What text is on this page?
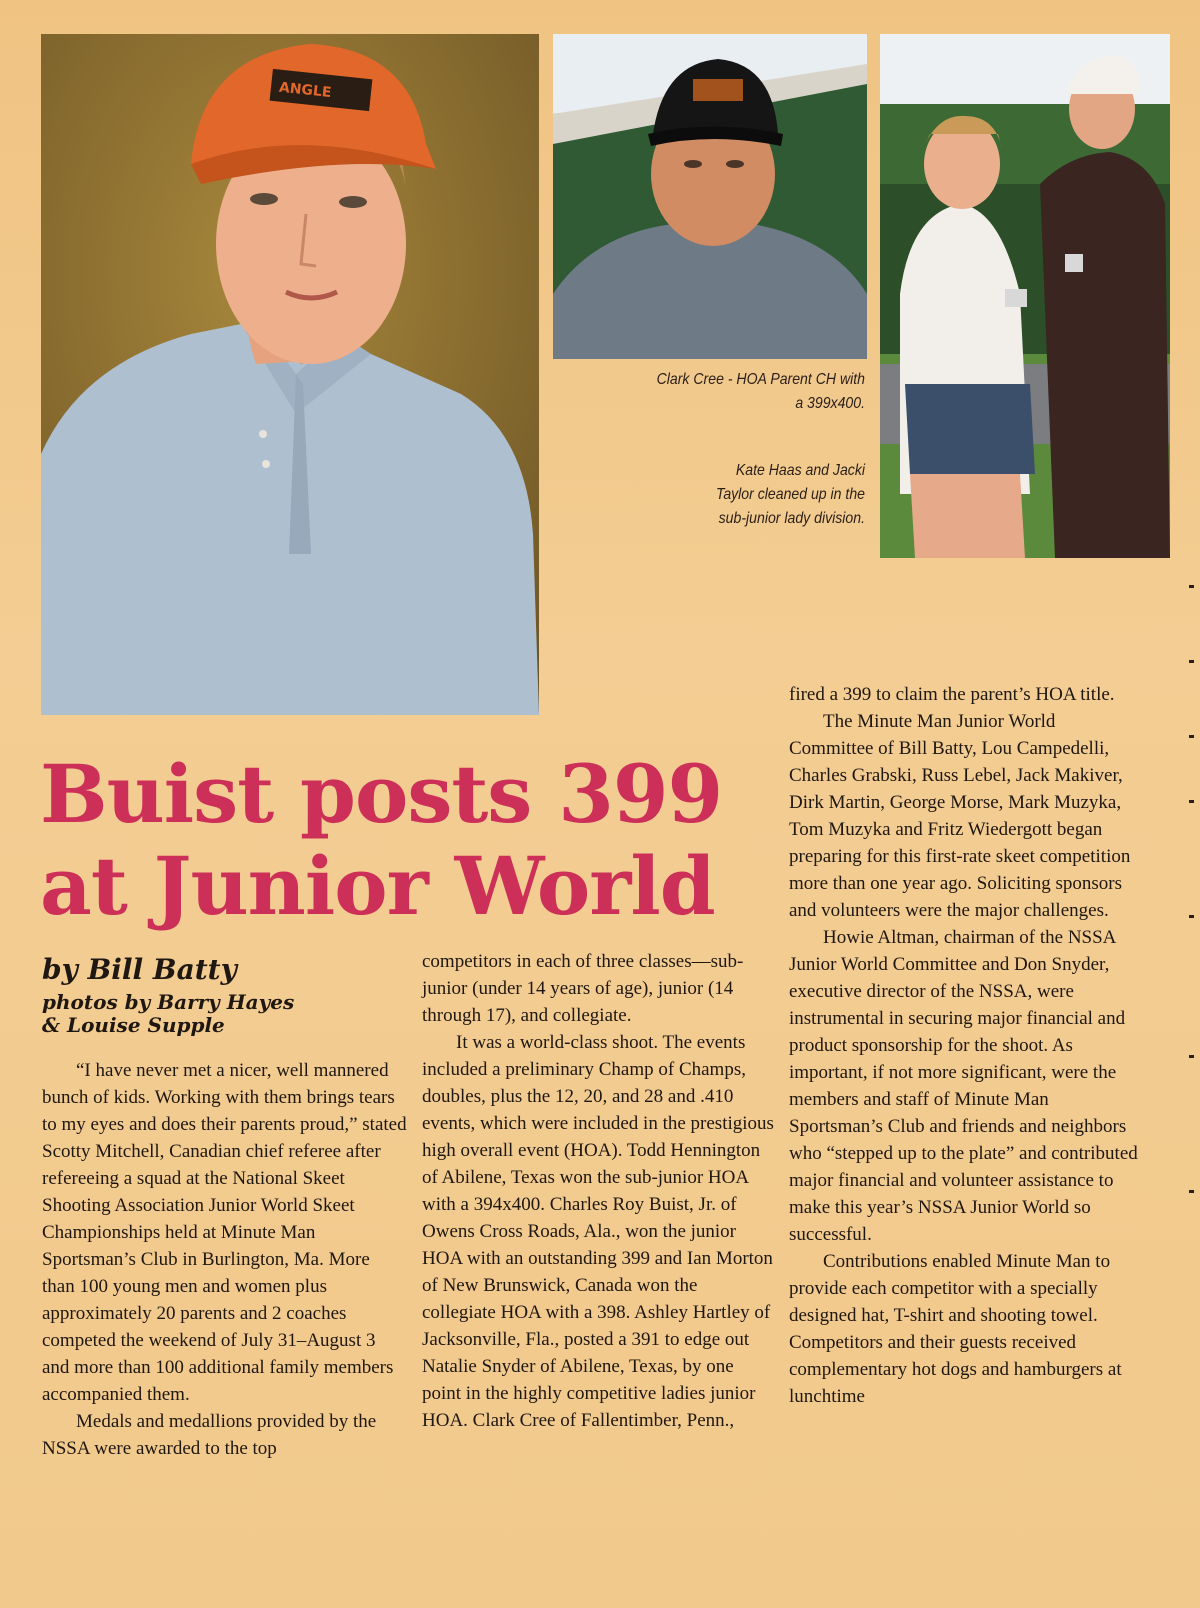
ANGLE
Clark Cree - HOA Parent CH with
a 399x400.
Kate Haas and Jacki
Taylor cleaned up in the
sub-junior lady division.
Buist posts 399
at Junior World
by Bill Batty
photos by Barry Hayes
& Louise Supple

“I have never met a nicer, well mannered bunch of kids. Working with them brings tears to my eyes and does their parents proud,” stated Scotty Mitchell, Canadian chief referee after refereeing a squad at the National Skeet Shooting Association Junior World Skeet Championships held at Minute Man Sportsman’s Club in Burlington, Ma. More than 100 young men and women plus approximately 20 parents and 2 coaches competed the weekend of July 31–August 3 and more than 100 additional family members accompanied them.

Medals and medallions provided by the NSSA were awarded to the top

competitors in each of three classes—sub-junior (under 14 years of age), junior (14 through 17), and collegiate.

It was a world-class shoot. The events included a preliminary Champ of Champs, doubles, plus the 12, 20, and 28 and .410 events, which were included in the prestigious high overall event (HOA). Todd Hennington of Abilene, Texas won the sub-junior HOA with a 394x400. Charles Roy Buist, Jr. of Owens Cross Roads, Ala., won the junior HOA with an outstanding 399 and Ian Morton of New Brunswick, Canada won the collegiate HOA with a 398. Ashley Hartley of Jacksonville, Fla., posted a 391 to edge out Natalie Snyder of Abilene, Texas, by one point in the highly competitive ladies junior HOA. Clark Cree of Fallentimber, Penn.,

fired a 399 to claim the parent’s HOA title.

The Minute Man Junior World Committee of Bill Batty, Lou Campedelli, Charles Grabski, Russ Lebel, Jack Makiver, Dirk Martin, George Morse, Mark Muzyka, Tom Muzyka and Fritz Wiedergott began preparing for this first-rate skeet competition more than one year ago. Soliciting sponsors and volunteers were the major challenges.

Howie Altman, chairman of the NSSA Junior World Committee and Don Snyder, executive director of the NSSA, were instrumental in securing major financial and product sponsorship for the shoot. As important, if not more significant, were the members and staff of Minute Man Sportsman’s Club and friends and neighbors who “stepped up to the plate” and contributed major financial and volunteer assistance to make this year’s NSSA Junior World so successful.

Contributions enabled Minute Man to provide each competitor with a specially designed hat, T-shirt and shooting towel. Competitors and their guests received complementary hot dogs and hamburgers at lunchtime
